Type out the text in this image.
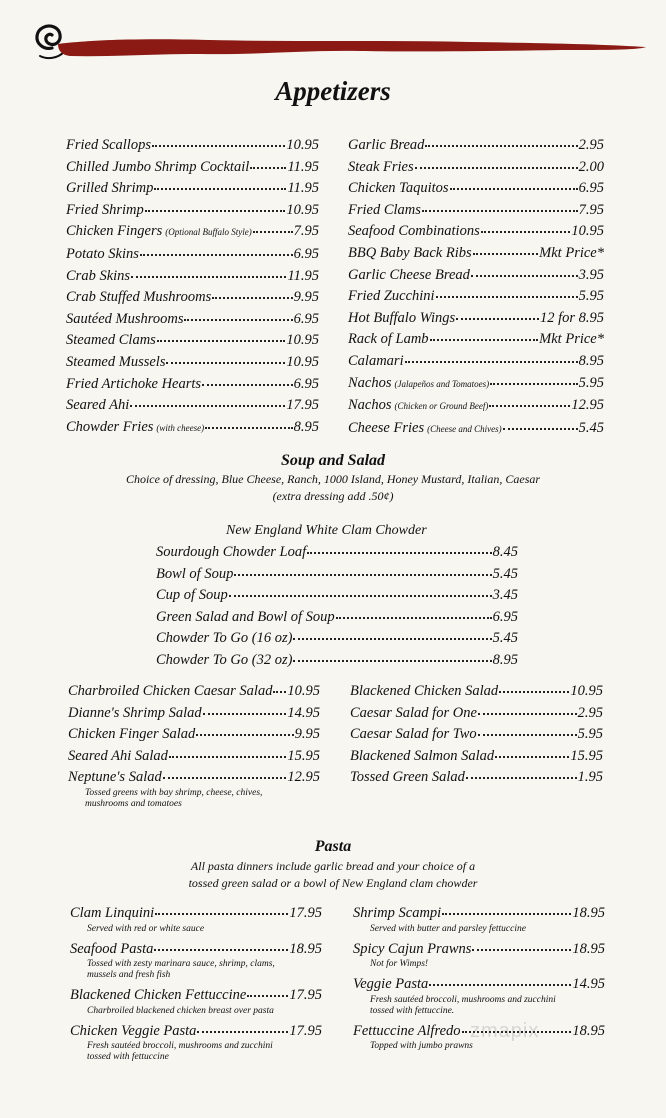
Appetizers
Fried Scallops	10.95
Chilled Jumbo Shrimp Cocktail	11.95
Grilled Shrimp	11.95
Fried Shrimp	10.95
Chicken Fingers (Optional Buffalo Style)	7.95
Potato Skins	6.95
Crab Skins	11.95
Crab Stuffed Mushrooms	9.95
Sautéed Mushrooms	6.95
Steamed Clams	10.95
Steamed Mussels	10.95
Fried Artichoke Hearts	6.95
Seared Ahi	17.95
Chowder Fries (with cheese)	8.95
Garlic Bread	2.95
Steak Fries	2.00
Chicken Taquitos	6.95
Fried Clams	7.95
Seafood Combinations	10.95
BBQ Baby Back Ribs	Mkt Price*
Garlic Cheese Bread	3.95
Fried Zucchini	5.95
Hot Buffalo Wings	12 for 8.95
Rack of Lamb	Mkt Price*
Calamari	8.95
Nachos (Jalapeños and Tomatoes)	5.95
Nachos (Chicken or Ground Beef)	12.95
Cheese Fries (Cheese and Chives)	5.45
Soup and Salad
Choice of dressing, Blue Cheese, Ranch, 1000 Island, Honey Mustard, Italian, Caesar
(extra dressing add .50¢)
New England White Clam Chowder
Sourdough Chowder Loaf	8.45
Bowl of Soup	5.45
Cup of Soup	3.45
Green Salad and Bowl of Soup	6.95
Chowder To Go (16 oz)	5.45
Chowder To Go (32 oz)	8.95
Charbroiled Chicken Caesar Salad 10.95
Dianne's Shrimp Salad	14.95
Chicken Finger Salad	9.95
Seared Ahi Salad	15.95
Neptune's Salad	12.95
Tossed greens with bay shrimp, cheese, chives, mushrooms and tomatoes
Blackened Chicken Salad	10.95
Caesar Salad for One	2.95
Caesar Salad for Two	5.95
Blackened Salmon Salad	15.95
Tossed Green Salad	1.95
Pasta
All pasta dinners include garlic bread and your choice of a
tossed green salad or a bowl of New England clam chowder
Clam Linquini	17.95
Served with red or white sauce
Seafood Pasta	18.95
Tossed with zesty marinara sauce, shrimp, clams, mussels and fresh fish
Blackened Chicken Fettuccine	17.95
Charbroiled blackened chicken breast over pasta
Chicken Veggie Pasta	17.95
Fresh sautéed broccoli, mushrooms and zucchini tossed with fettuccine
Shrimp Scampi	18.95
Served with butter and parsley fettuccine
Spicy Cajun Prawns	18.95
Not for Wimps!
Veggie Pasta	14.95
Fresh sautéed broccoli, mushrooms and zucchini tossed with fettuccine.
Fettuccine Alfredo	18.95
Topped with jumbo prawns
zmapix
